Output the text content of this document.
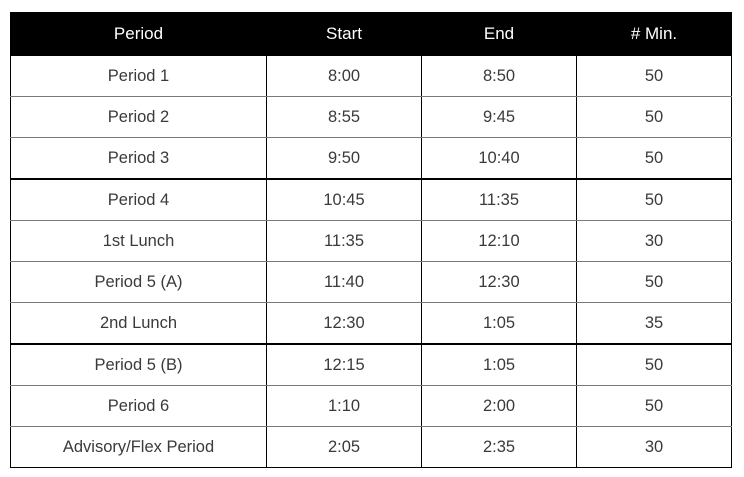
Period	Start	End	# Min.
Period 1	8:00	8:50	50
Period 2	8:55	9:45	50
Period 3	9:50	10:40	50
Period 4	10:45	11:35	50
1st Lunch	11:35	12:10	30
Period 5 (A)	11:40	12:30	50
2nd Lunch	12:30	1:05	35
Period 5 (B)	12:15	1:05	50
Period 6	1:10	2:00	50
Advisory/Flex Period	2:05	2:35	30
